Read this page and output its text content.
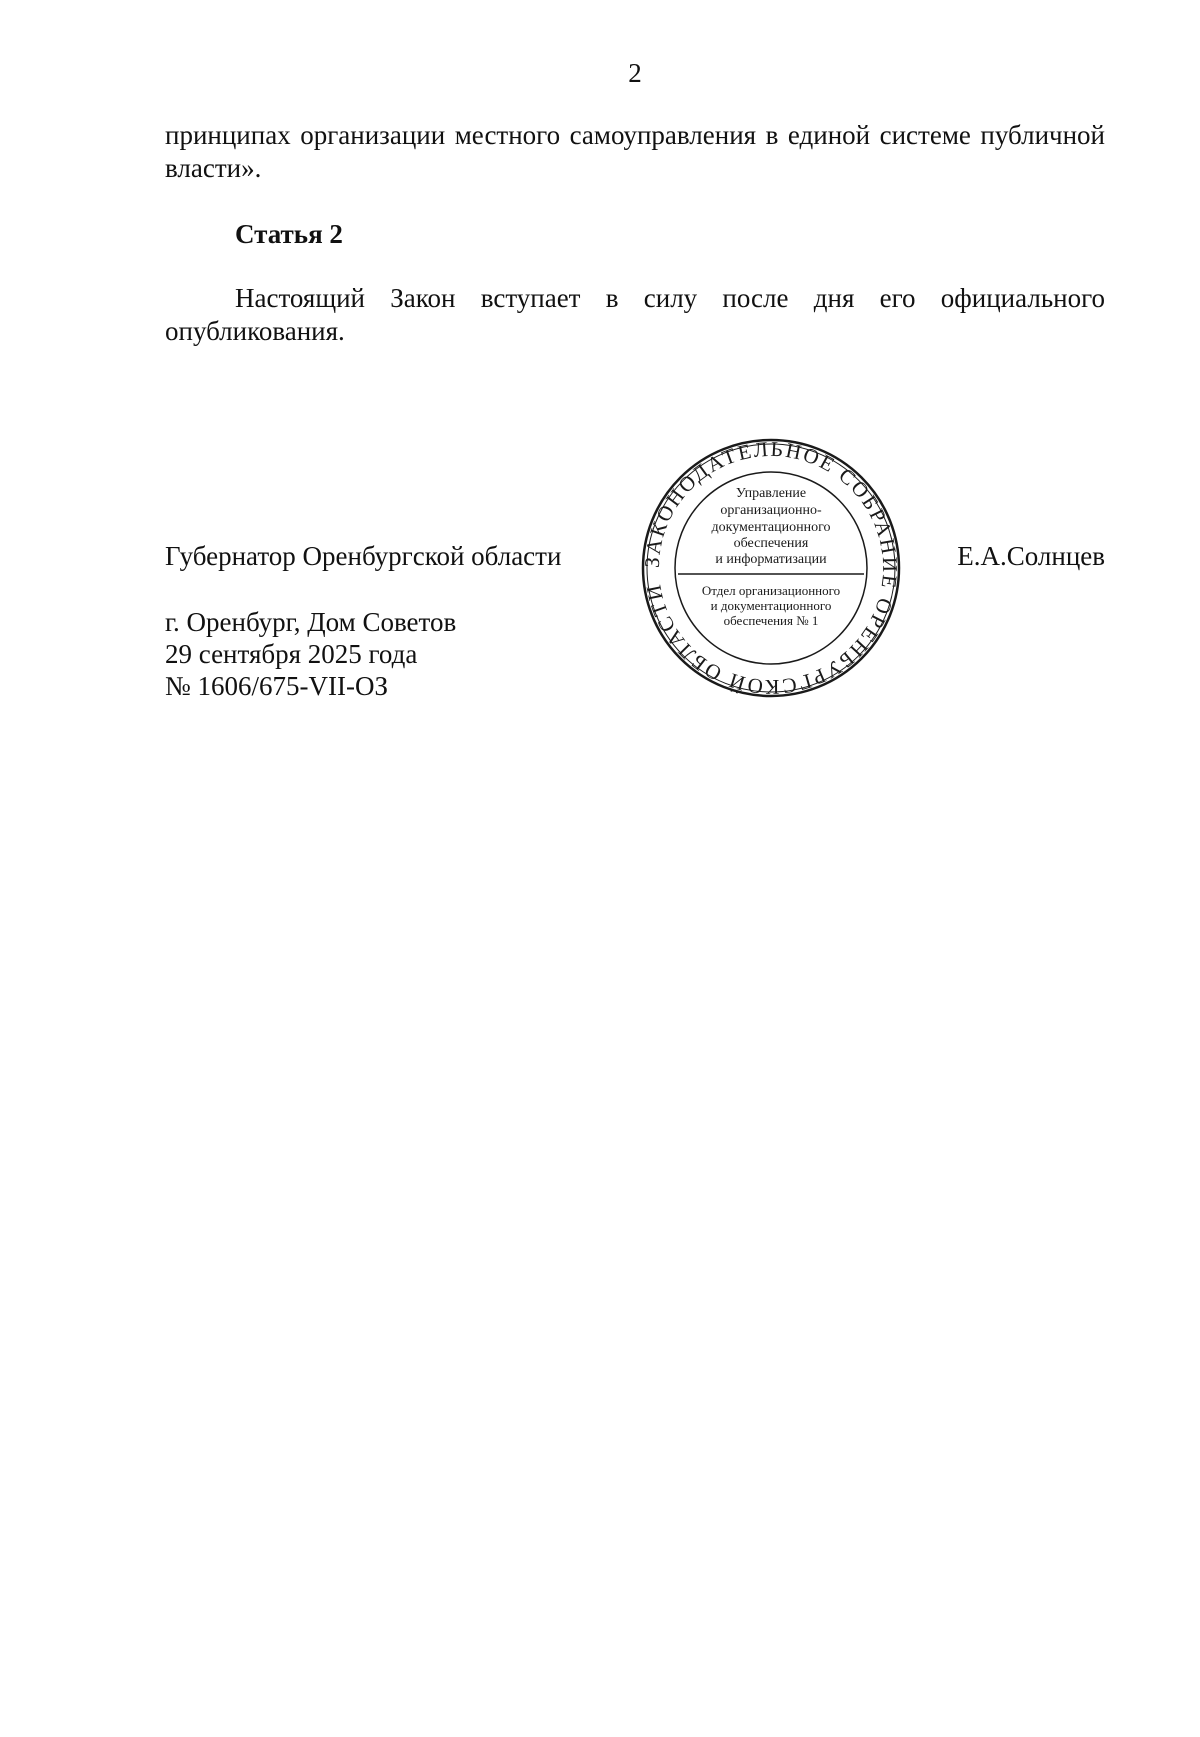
2
принципах организации местного самоуправления в единой системе публичной власти».
Статья 2
Настоящий Закон вступает в силу после дня его официального опубликования.
Губернатор Оренбургской области	Е.А.Солнцев
г. Оренбург, Дом Советов
29 сентября 2025 года
№ 1606/675-VII-ОЗ
ЗАКОНОДАТЕЛЬНОЕ СОБРАНИЕ ОРЕНБУРГСКОЙ ОБЛАСТИ
Управление
организационно-
документационного
обеспечения
и информатизации
Отдел организационного
и документационного
обеспечения № 1
